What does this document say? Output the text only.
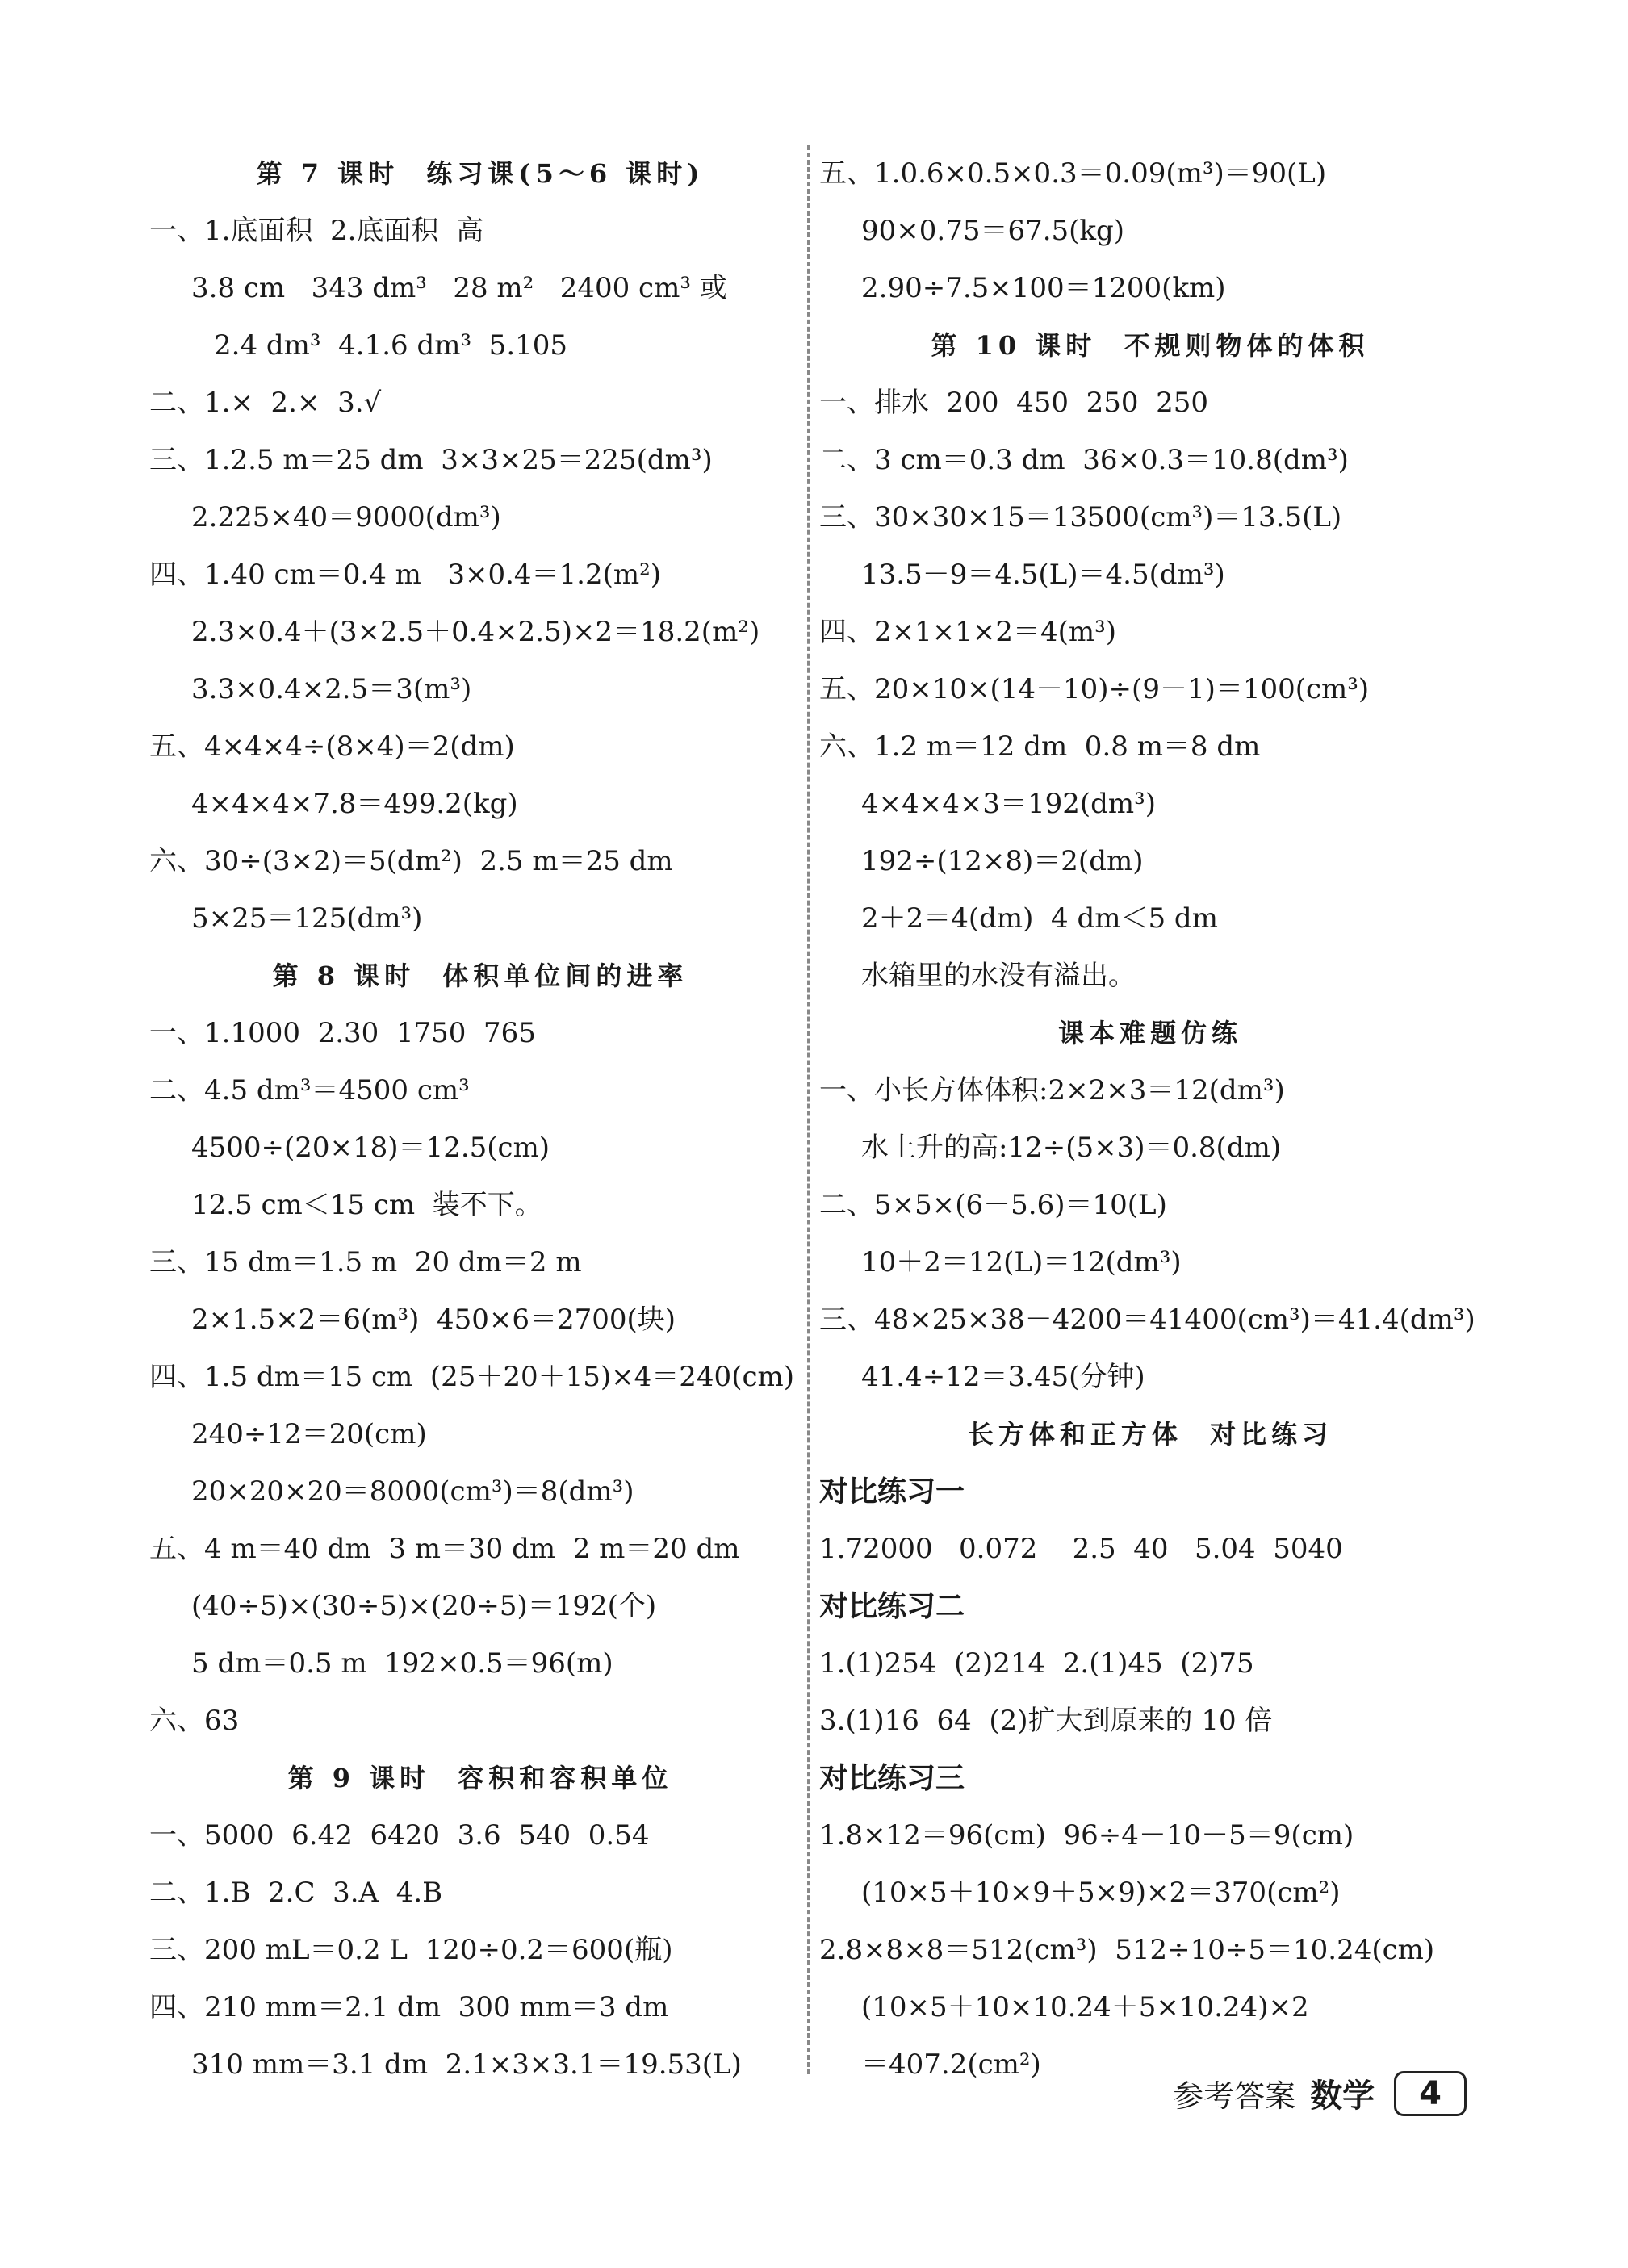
第 7 课时  练习课(5～6 课时)
一、1.底面积  2.底面积  高
3.8 cm   343 dm³   28 m²   2400 cm³ 或
2.4 dm³  4.1.6 dm³  5.105
二、1.×  2.×  3.√
三、1.2.5 m＝25 dm  3×3×25＝225(dm³)
2.225×40＝9000(dm³)
四、1.40 cm＝0.4 m   3×0.4＝1.2(m²)
2.3×0.4＋(3×2.5＋0.4×2.5)×2＝18.2(m²)
3.3×0.4×2.5＝3(m³)
五、4×4×4÷(8×4)＝2(dm)
4×4×4×7.8＝499.2(kg)
六、30÷(3×2)＝5(dm²)  2.5 m＝25 dm
5×25＝125(dm³)
第 8 课时  体积单位间的进率
一、1.1000  2.30  1750  765
二、4.5 dm³＝4500 cm³
4500÷(20×18)＝12.5(cm)
12.5 cm＜15 cm  装不下。
三、15 dm＝1.5 m  20 dm＝2 m
2×1.5×2＝6(m³)  450×6＝2700(块)
四、1.5 dm＝15 cm  (25＋20＋15)×4＝240(cm)
240÷12＝20(cm)
20×20×20＝8000(cm³)＝8(dm³)
五、4 m＝40 dm  3 m＝30 dm  2 m＝20 dm
(40÷5)×(30÷5)×(20÷5)＝192(个)
5 dm＝0.5 m  192×0.5＝96(m)
六、63
第 9 课时  容积和容积单位
一、5000  6.42  6420  3.6  540  0.54
二、1.B  2.C  3.A  4.B
三、200 mL＝0.2 L  120÷0.2＝600(瓶)
四、210 mm＝2.1 dm  300 mm＝3 dm
310 mm＝3.1 dm  2.1×3×3.1＝19.53(L)
五、1.0.6×0.5×0.3＝0.09(m³)＝90(L)
90×0.75＝67.5(kg)
2.90÷7.5×100＝1200(km)
第 10 课时  不规则物体的体积
一、排水  200  450  250  250
二、3 cm＝0.3 dm  36×0.3＝10.8(dm³)
三、30×30×15＝13500(cm³)＝13.5(L)
13.5－9＝4.5(L)＝4.5(dm³)
四、2×1×1×2＝4(m³)
五、20×10×(14－10)÷(9－1)＝100(cm³)
六、1.2 m＝12 dm  0.8 m＝8 dm
4×4×4×3＝192(dm³)
192÷(12×8)＝2(dm)
2＋2＝4(dm)  4 dm＜5 dm
水箱里的水没有溢出。
课本难题仿练
一、小长方体体积:2×2×3＝12(dm³)
水上升的高:12÷(5×3)＝0.8(dm)
二、5×5×(6－5.6)＝10(L)
10＋2＝12(L)＝12(dm³)
三、48×25×38－4200＝41400(cm³)＝41.4(dm³)
41.4÷12＝3.45(分钟)
长方体和正方体  对比练习
对比练习一
1.72000   0.072    2.5  40   5.04  5040
对比练习二
1.(1)254  (2)214  2.(1)45  (2)75
3.(1)16  64  (2)扩大到原来的 10 倍
对比练习三
1.8×12＝96(cm)  96÷4－10－5＝9(cm)
(10×5＋10×9＋5×9)×2＝370(cm²)
2.8×8×8＝512(cm³)  512÷10÷5＝10.24(cm)
(10×5＋10×10.24＋5×10.24)×2
＝407.2(cm²)
参考答案 数学	4
